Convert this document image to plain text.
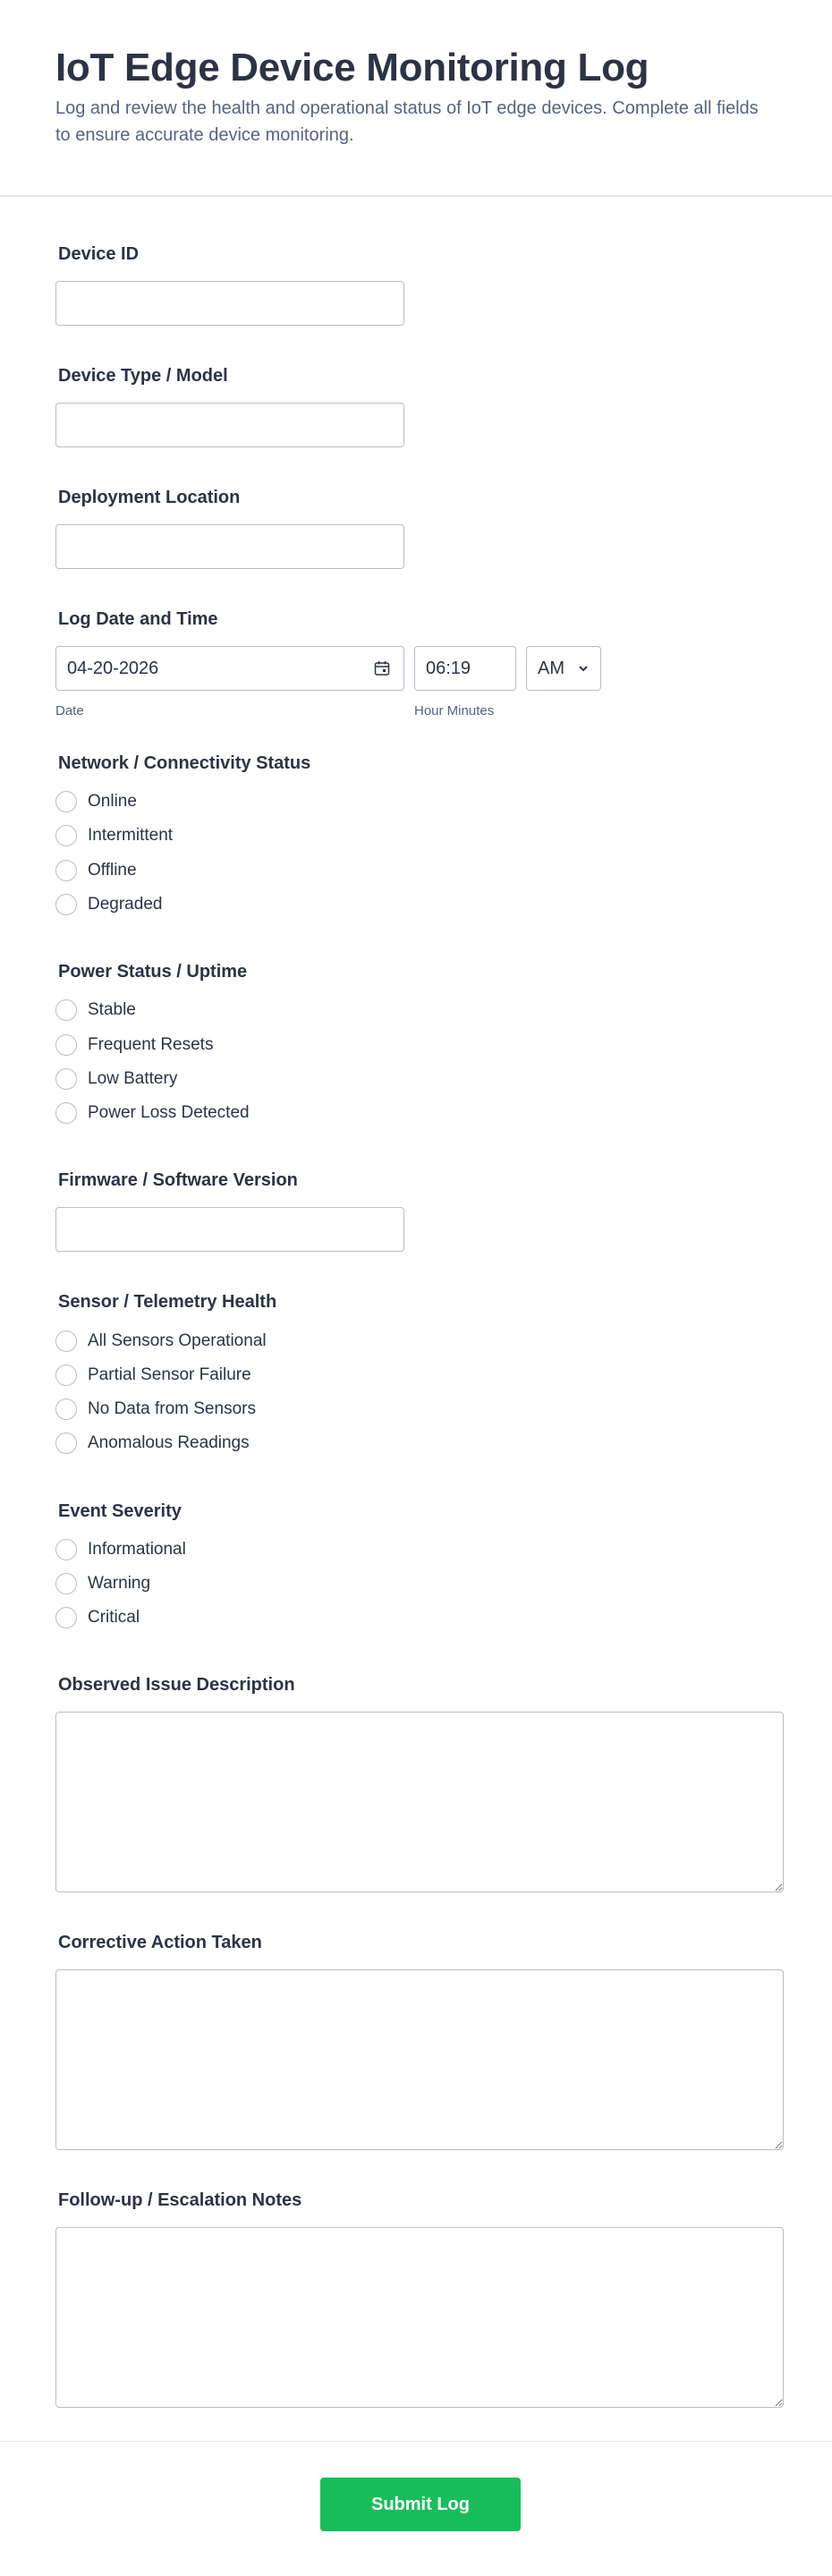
IoT Edge Device Monitoring Log

Log and review the health and operational status of IoT edge devices. Complete all fields to ensure accurate device monitoring.

Device ID
Device Type / Model
Deployment Location
Log Date and Time
04-20-2026
Date
06:19
Hour Minutes
AM
Network / Connectivity Status
Online
Intermittent
Offline
Degraded
Power Status / Uptime
Stable
Frequent Resets
Low Battery
Power Loss Detected
Firmware / Software Version
Sensor / Telemetry Health
All Sensors Operational
Partial Sensor Failure
No Data from Sensors
Anomalous Readings
Event Severity
Informational
Warning
Critical
Observed Issue Description
Corrective Action Taken
Follow-up / Escalation Notes
Submit Log
